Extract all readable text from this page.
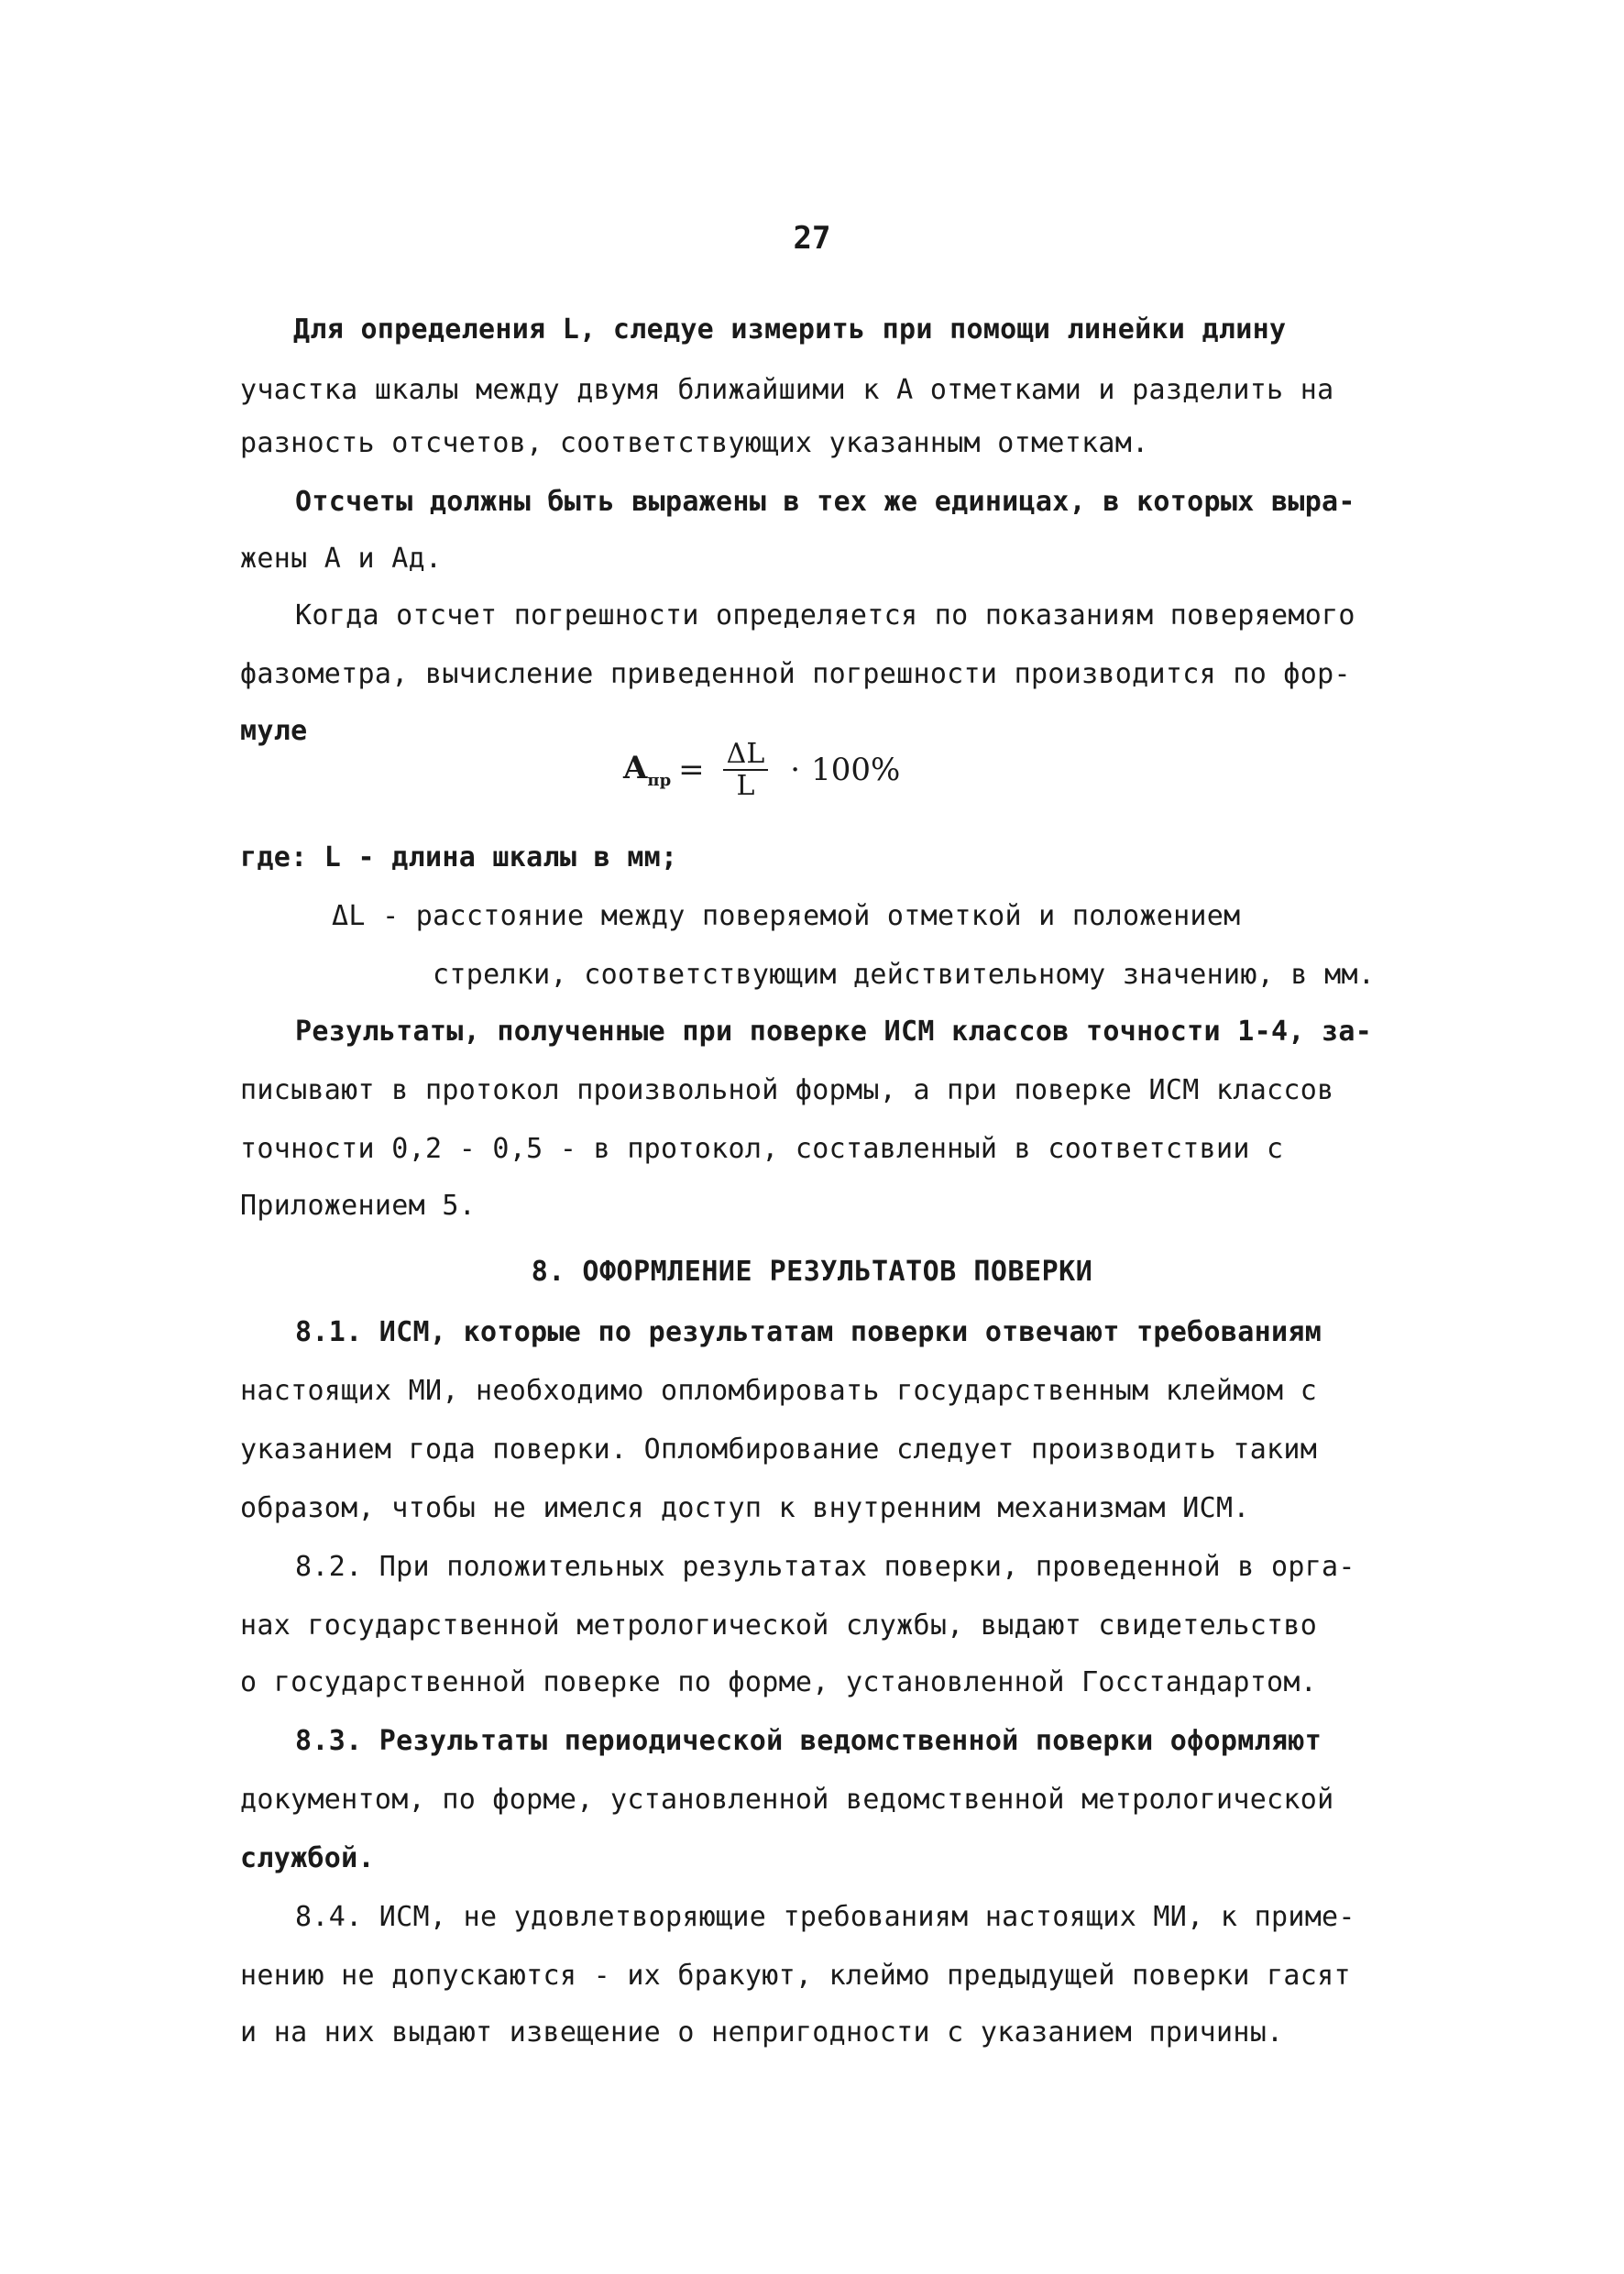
27
Для определения L, следуе измерить при помощи линейки длину
участка шкалы между двумя ближайшими к А отметками и разделить на
разность отсчетов, соответствующих указанным отметкам.
Отсчеты должны быть выражены в тех же единицах, в которых выра-
жены А и Ад.
Когда отсчет погрешности определяется по показаниям поверяемого
фазометра, вычисление приведенной погрешности производится по фор-
муле
$A_{пр} = \frac{\Delta L}{L} \cdot 100\%$
где: L - длина шкалы в мм;
ΔL - расстояние между поверяемой отметкой и положением
стрелки, соответствующим действительному значению, в мм.
Результаты, полученные при поверке ИСМ классов точности 1-4, за-
писывают в протокол произвольной формы, а при поверке ИСМ классов
точности 0,2 - 0,5 - в протокол, составленный в соответствии с
Приложением 5.
8. ОФОРМЛЕНИЕ РЕЗУЛЬТАТОВ ПОВЕРКИ
8.1. ИСМ, которые по результатам поверки отвечают требованиям
настоящих МИ, необходимо опломбировать государственным клеймом с
указанием года поверки. Опломбирование следует производить таким
образом, чтобы не имелся доступ к внутренним механизмам ИСМ.
8.2. При положительных результатах поверки, проведенной в орга-
нах государственной метрологической службы, выдают свидетельство
о государственной поверке по форме, установленной Госстандартом.
8.3. Результаты периодической ведомственной поверки оформляют
документом, по форме, установленной ведомственной метрологической
службой.
8.4. ИСМ, не удовлетворяющие требованиям настоящих МИ, к приме-
нению не допускаются - их бракуют, клеймо предыдущей поверки гасят
и на них выдают извещение о непригодности с указанием причины.
